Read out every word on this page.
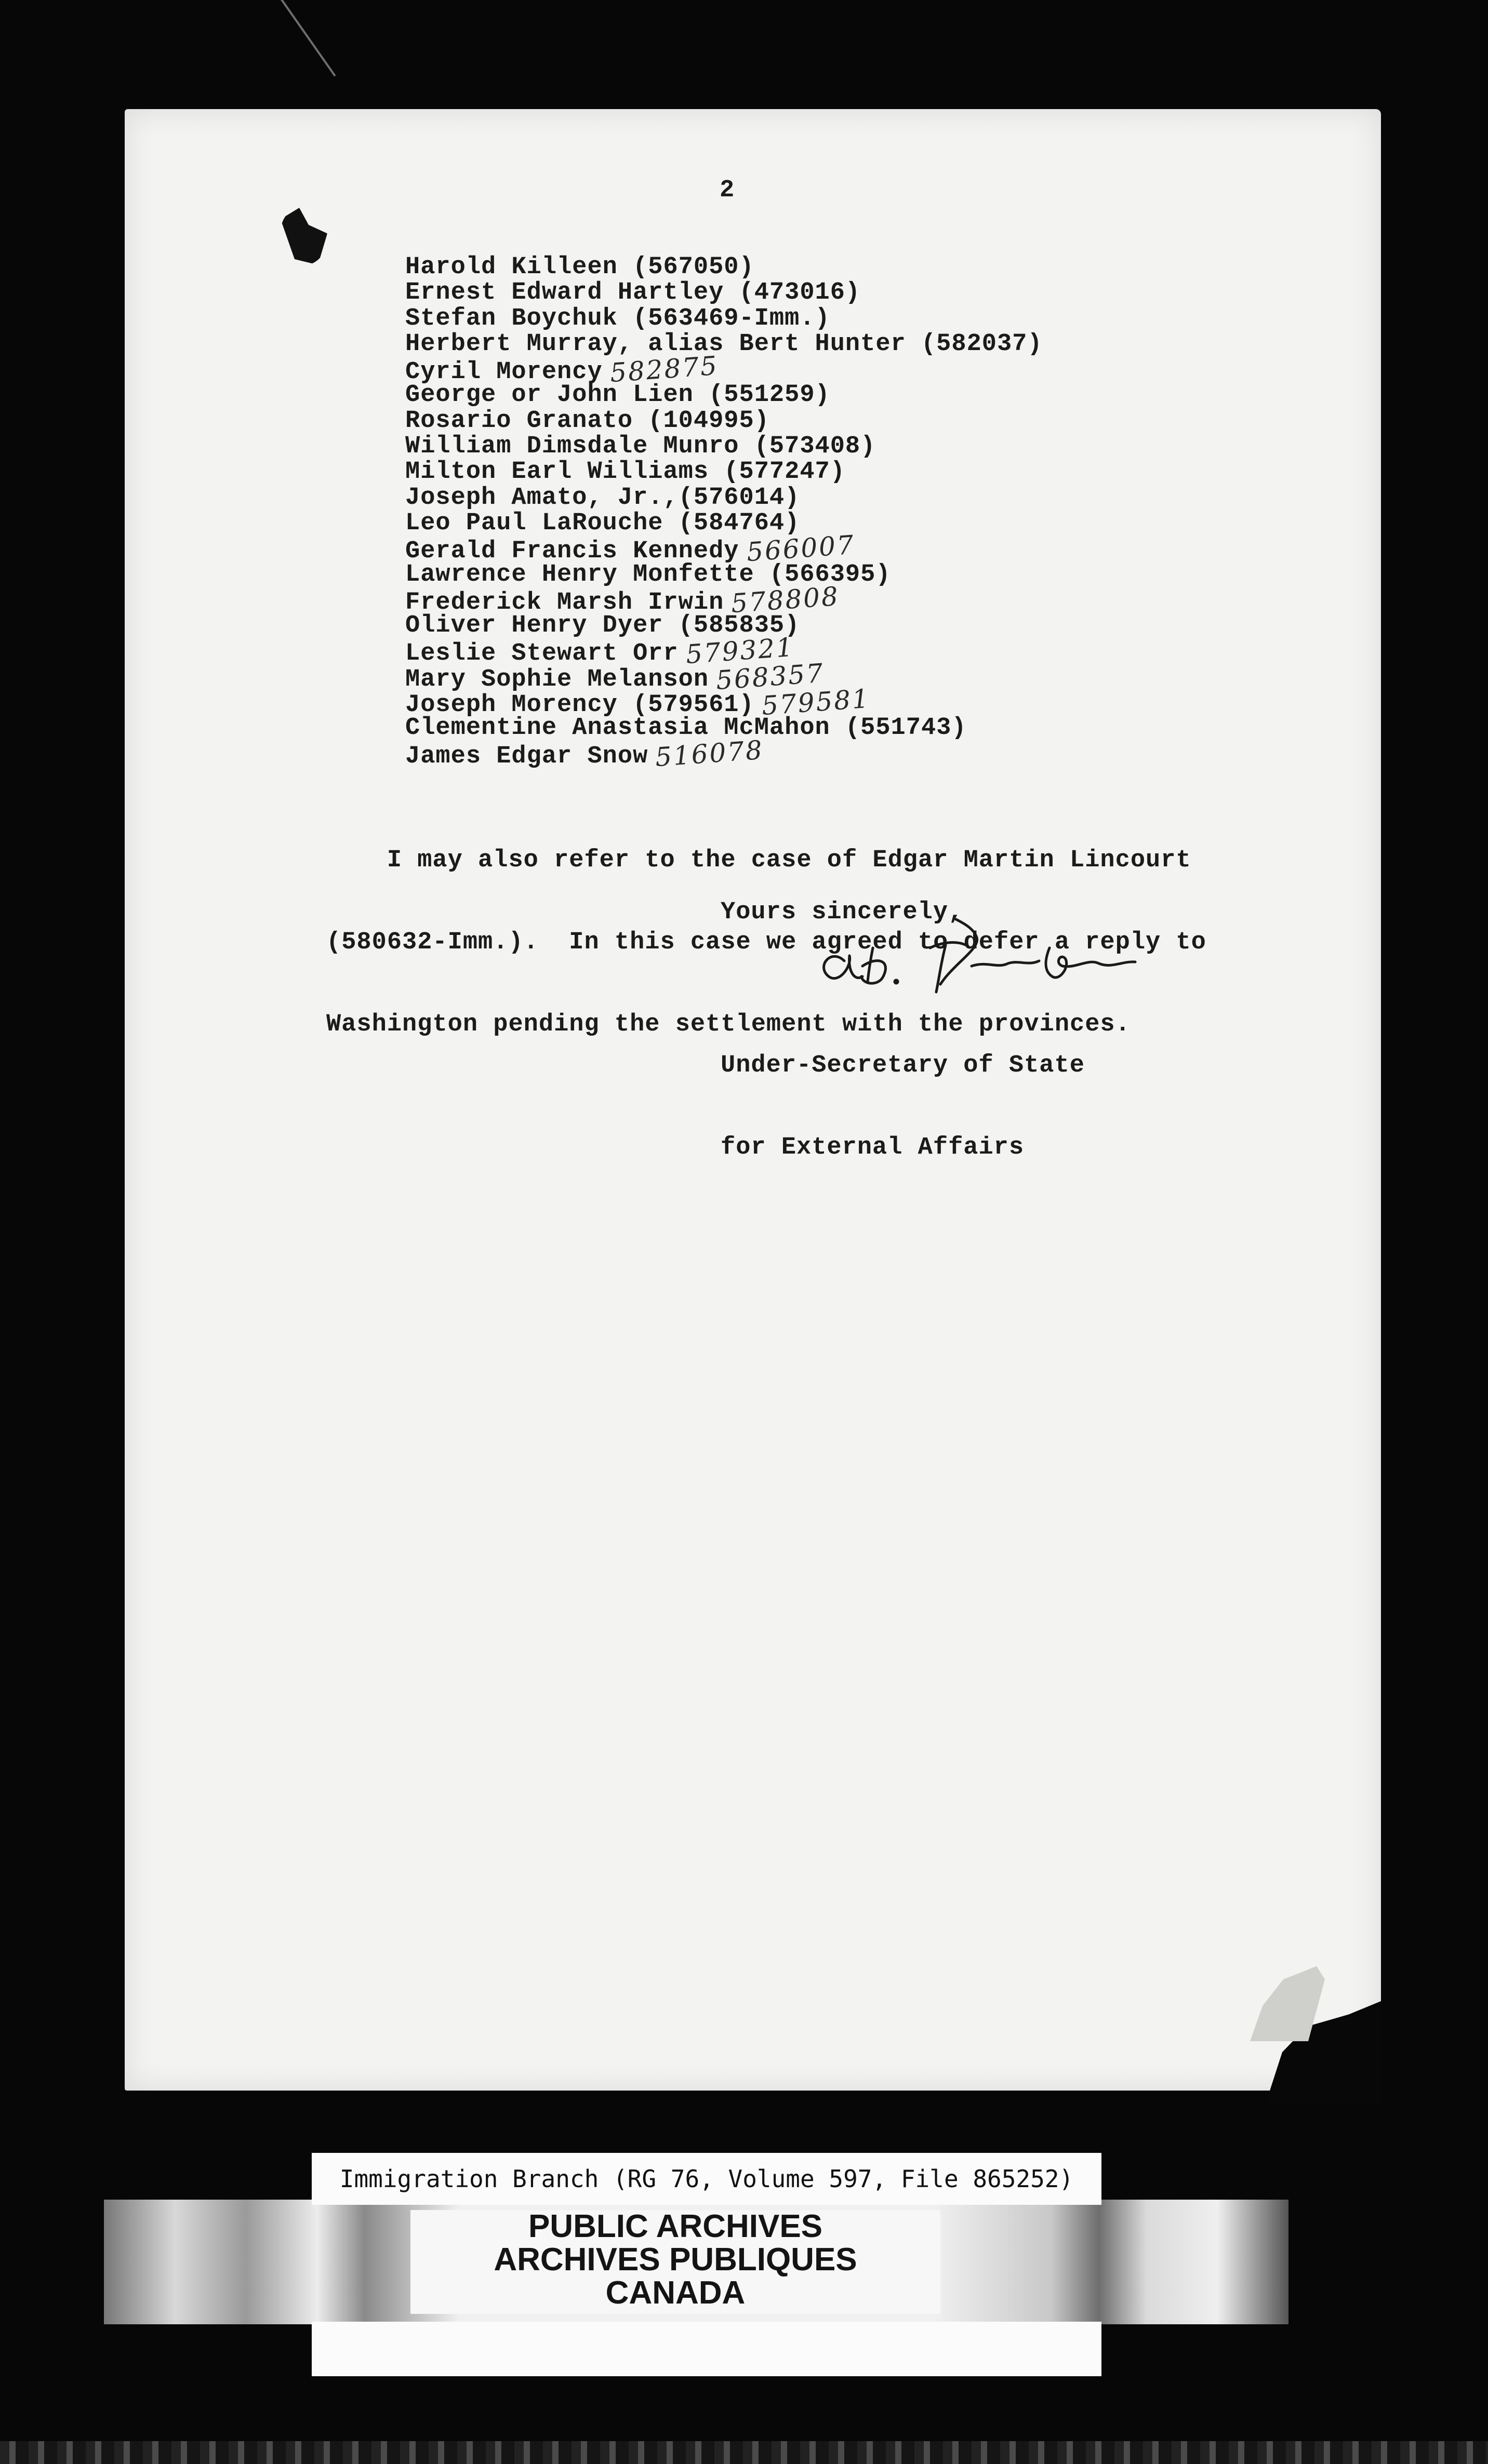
2
Harold Killeen (567050)
Ernest Edward Hartley (473016)
Stefan Boychuk (563469-Imm.)
Herbert Murray, alias Bert Hunter (582037)
Cyril Morency 582875
George or John Lien (551259)
Rosario Granato (104995)
William Dimsdale Munro (573408)
Milton Earl Williams (577247)
Joseph Amato, Jr.,(576014)
Leo Paul LaRouche (584764)
Gerald Francis Kennedy 566007
Lawrence Henry Monfette (566395)
Frederick Marsh Irwin 578808
Oliver Henry Dyer (585835)
Leslie Stewart Orr 579321
Mary Sophie Melanson 568357
Joseph Morency (579561) 579581
Clementine Anastasia McMahon (551743)
James Edgar Snow 516078

I may also refer to the case of Edgar Martin Lincourt

(580632-Imm.).  In this case we agreed to defer a reply to

Washington pending the settlement with the provinces.

Yours sincerely,

Under-Secretary of State

for External Affairs

Immigration Branch (RG 76, Volume 597, File 865252)
PUBLIC ARCHIVES
ARCHIVES PUBLIQUES
CANADA
